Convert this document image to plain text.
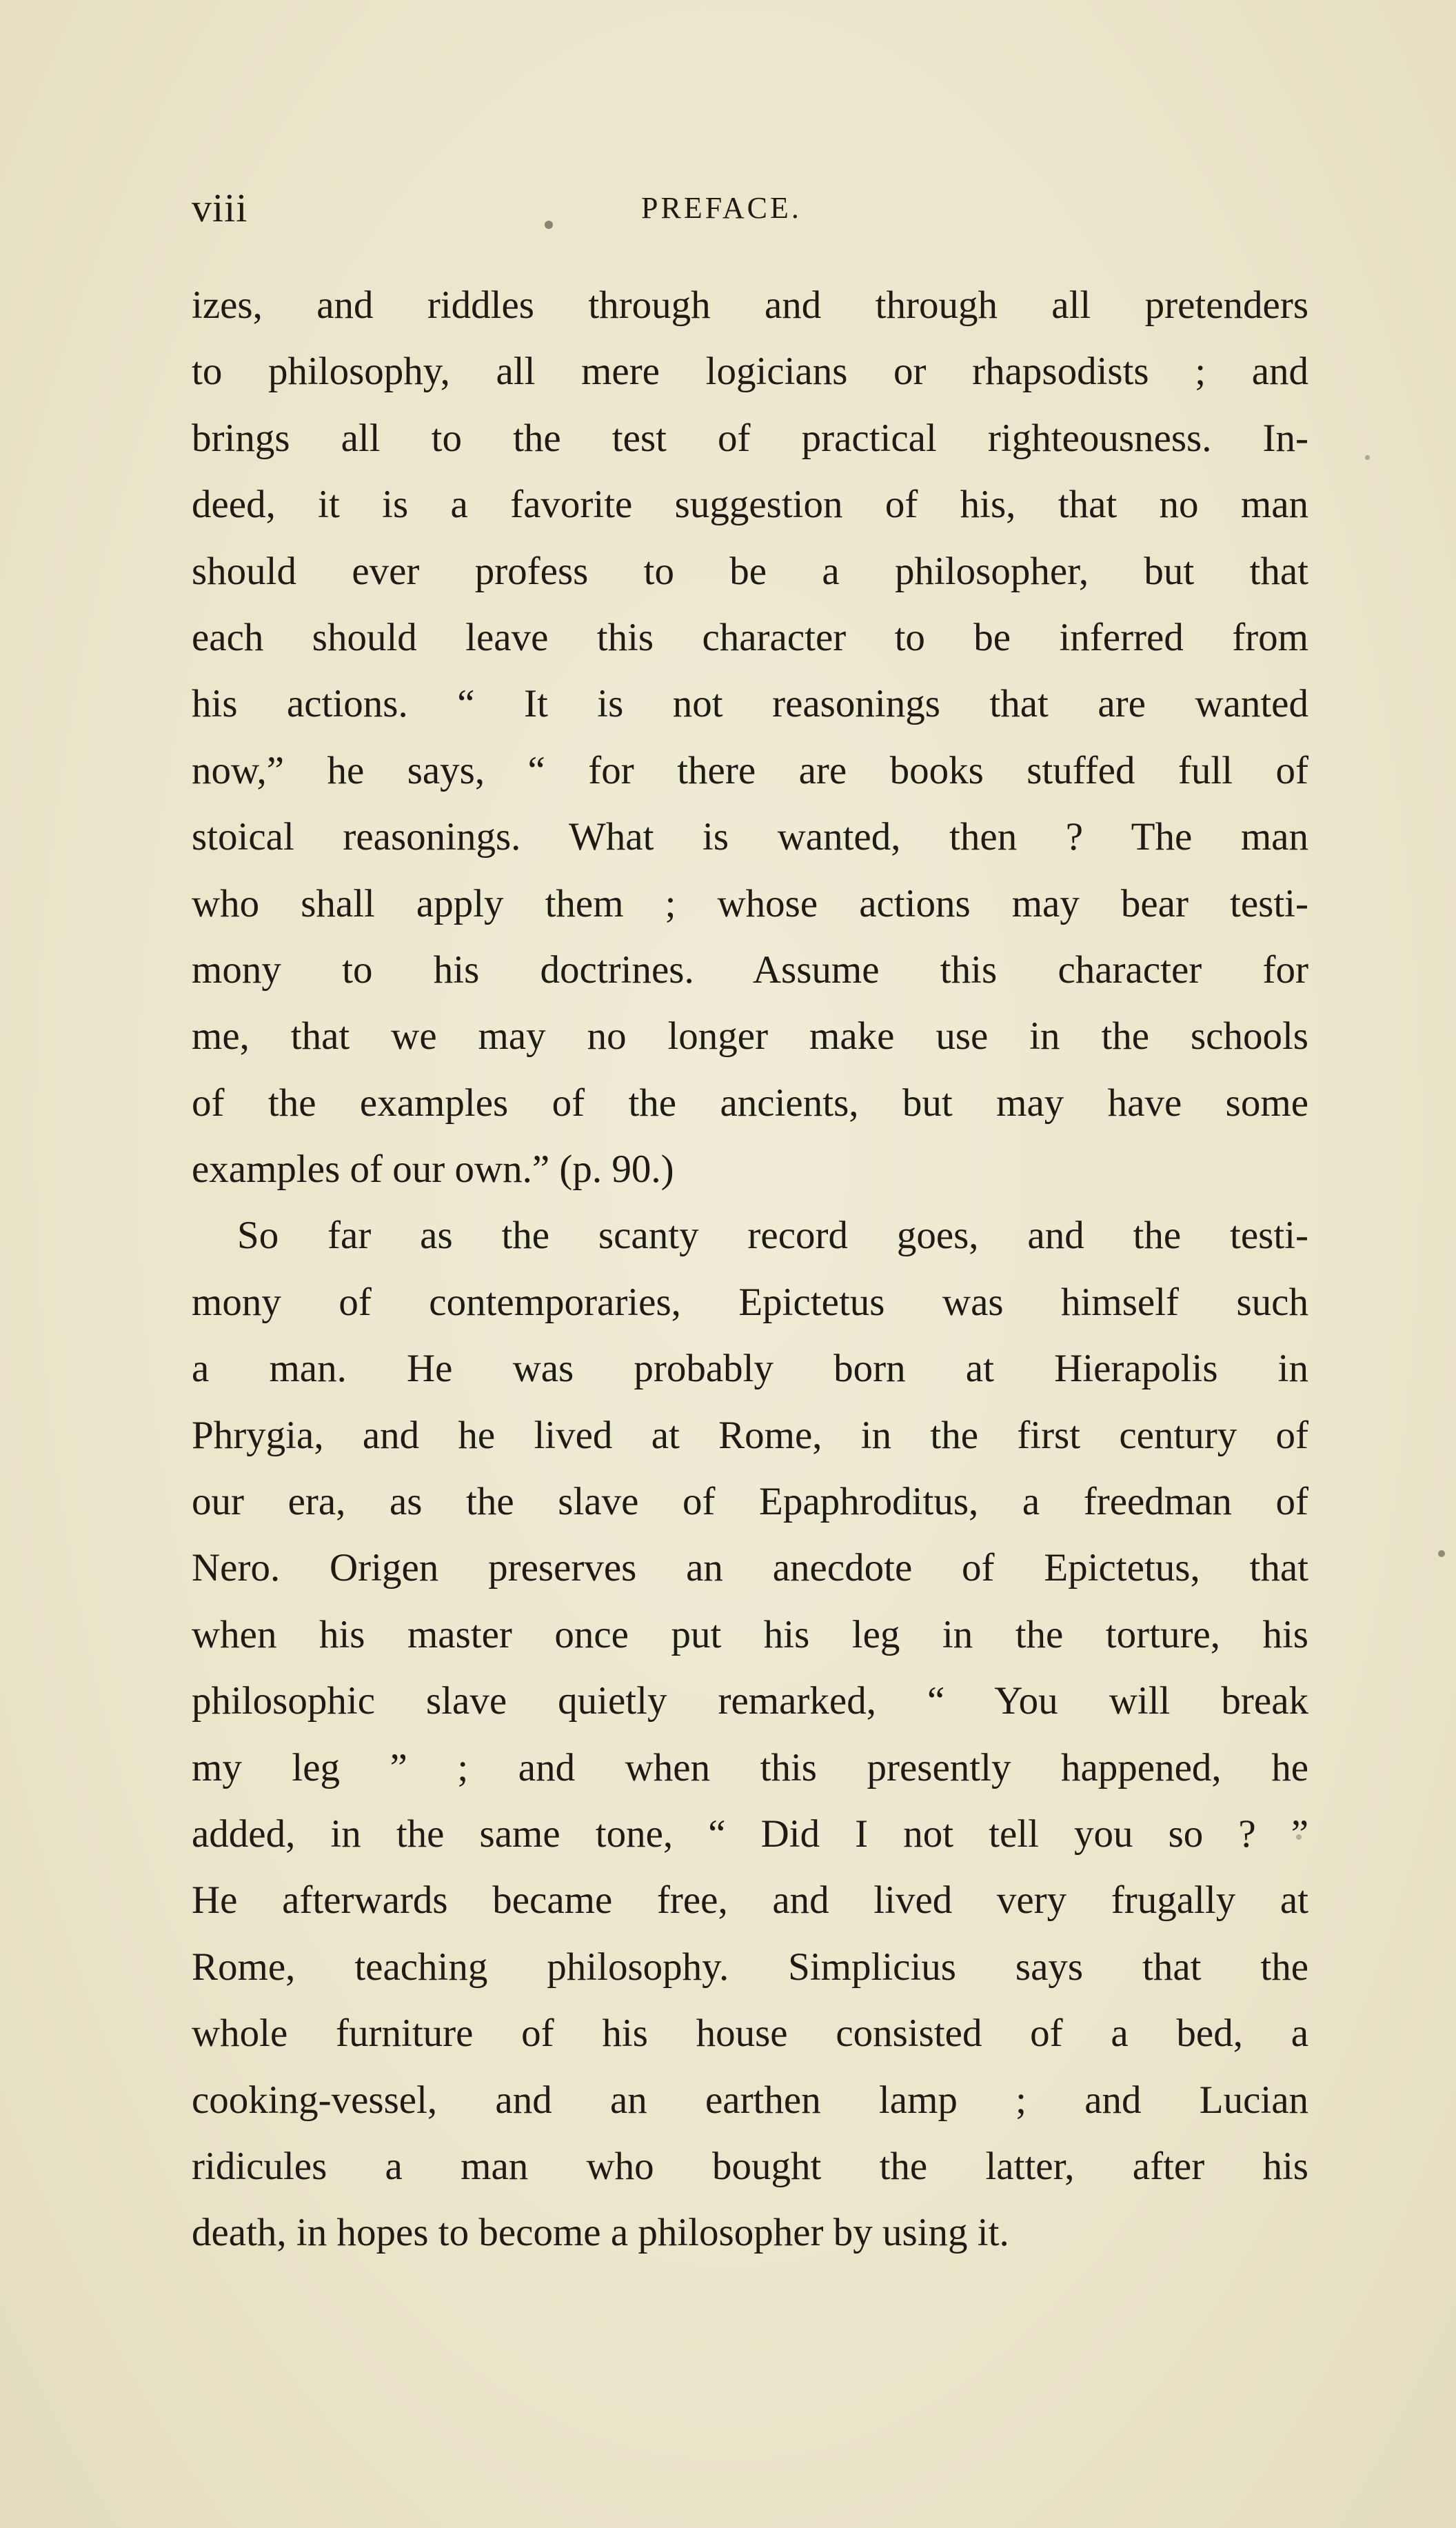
viii	PREFACE.
izes, and riddles through and through all pretenders
to philosophy, all mere logicians or rhapsodists ; and
brings all to the test of practical righteousness. In-
deed, it is a favorite suggestion of his, that no man
should ever profess to be a philosopher, but that
each should leave this character to be inferred from
his actions. “ It is not reasonings that are wanted
now,” he says, “ for there are books stuffed full of
stoical reasonings. What is wanted, then ? The man
who shall apply them ; whose actions may bear testi-
mony to his doctrines. Assume this character for
me, that we may no longer make use in the schools
of the examples of the ancients, but may have some
examples of our own.” (p. 90.)
So far as the scanty record goes, and the testi-
mony of contemporaries, Epictetus was himself such
a man. He was probably born at Hierapolis in
Phrygia, and he lived at Rome, in the first century of
our era, as the slave of Epaphroditus, a freedman of
Nero. Origen preserves an anecdote of Epictetus, that
when his master once put his leg in the torture, his
philosophic slave quietly remarked, “ You will break
my leg ” ; and when this presently happened, he
added, in the same tone, “ Did I not tell you so ? ”
He afterwards became free, and lived very frugally at
Rome, teaching philosophy. Simplicius says that the
whole furniture of his house consisted of a bed, a
cooking-vessel, and an earthen lamp ; and Lucian
ridicules a man who bought the latter, after his
death, in hopes to become a philosopher by using it.
